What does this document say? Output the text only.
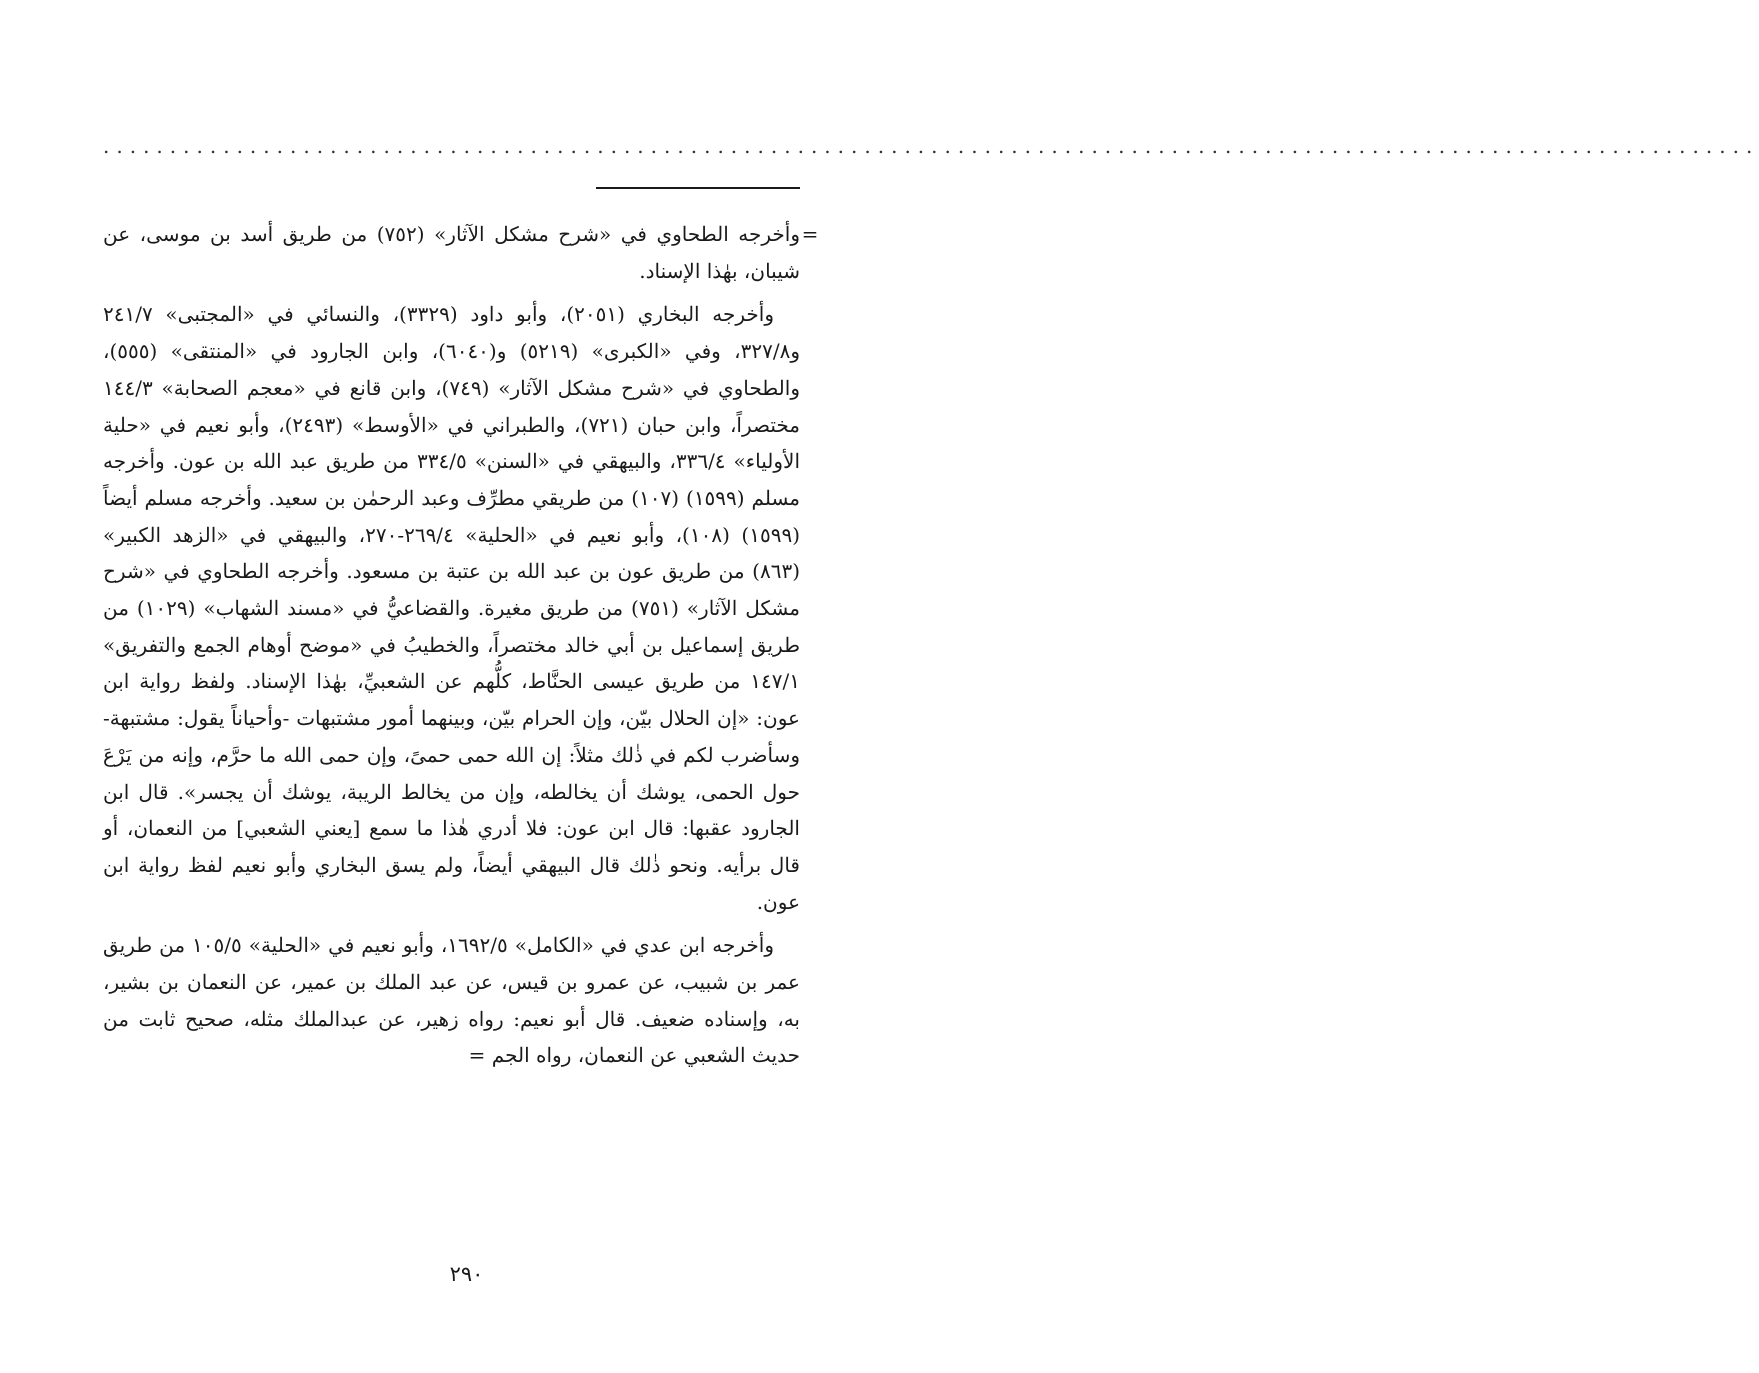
............................................................................................................................
=

وأخرجه الطحاوي في «شرح مشكل الآثار» (٧٥٢) من طريق أسد بن موسى، عن شيبان، بهٰذا الإسناد.

وأخرجه البخاري (٢٠٥١)، وأبو داود (٣٣٢٩)، والنسائي في «المجتبى» ٢٤١/٧ و٣٢٧/٨، وفي «الكبرى» (٥٢١٩) و(٦٠٤٠)، وابن الجارود في «المنتقى» (٥٥٥)، والطحاوي في «شرح مشكل الآثار» (٧٤٩)، وابن قانع في «معجم الصحابة» ١٤٤/٣ مختصراً، وابن حبان (٧٢١)، والطبراني في «الأوسط» (٢٤٩٣)، وأبو نعيم في «حلية الأولياء» ٣٣٦/٤، والبيهقي في «السنن» ٣٣٤/٥ من طريق عبد الله بن عون. وأخرجه مسلم (١٥٩٩) (١٠٧) من طريقي مطرِّف وعبد الرحمٰن بن سعيد. وأخرجه مسلم أيضاً (١٥٩٩) (١٠٨)، وأبو نعيم في «الحلية» ٢٦٩/٤-٢٧٠، والبيهقي في «الزهد الكبير» (٨٦٣) من طريق عون بن عبد الله بن عتبة بن مسعود. وأخرجه الطحاوي في «شرح مشكل الآثار» (٧٥١) من طريق مغيرة. والقضاعيُّ في «مسند الشهاب» (١٠٢٩) من طريق إسماعيل بن أبي خالد مختصراً، والخطيبُ في «موضح أوهام الجمع والتفريق» ١٤٧/١ من طريق عيسى الحنَّاط، كلُّهم عن الشعبيِّ، بهٰذا الإسناد. ولفظ رواية ابن عون: «إن الحلال بيّن، وإن الحرام بيّن، وبينهما أمور مشتبهات -وأحياناً يقول: مشتبهة- وسأضرب لكم في ذٰلك مثلاً: إن الله حمى حمىً، وإن حمى الله ما حرَّم، وإنه من يَرْعَ حول الحمى، يوشك أن يخالطه، وإن من يخالط الريبة، يوشك أن يجسر». قال ابن الجارود عقبها: قال ابن عون: فلا أدري هٰذا ما سمع [يعني الشعبي] من النعمان، أو قال برأيه. ونحو ذٰلك قال البيهقي أيضاً، ولم يسق البخاري وأبو نعيم لفظ رواية ابن عون.

وأخرجه ابن عدي في «الكامل» ١٦٩٢/٥، وأبو نعيم في «الحلية» ١٠٥/٥ من طريق عمر بن شبيب، عن عمرو بن قيس، عن عبد الملك بن عمير، عن النعمان بن بشير، به، وإسناده ضعيف. قال أبو نعيم: رواه زهير، عن عبدالملك مثله، صحيح ثابت من حديث الشعبي عن النعمان، رواه الجم =

٢٩٠
